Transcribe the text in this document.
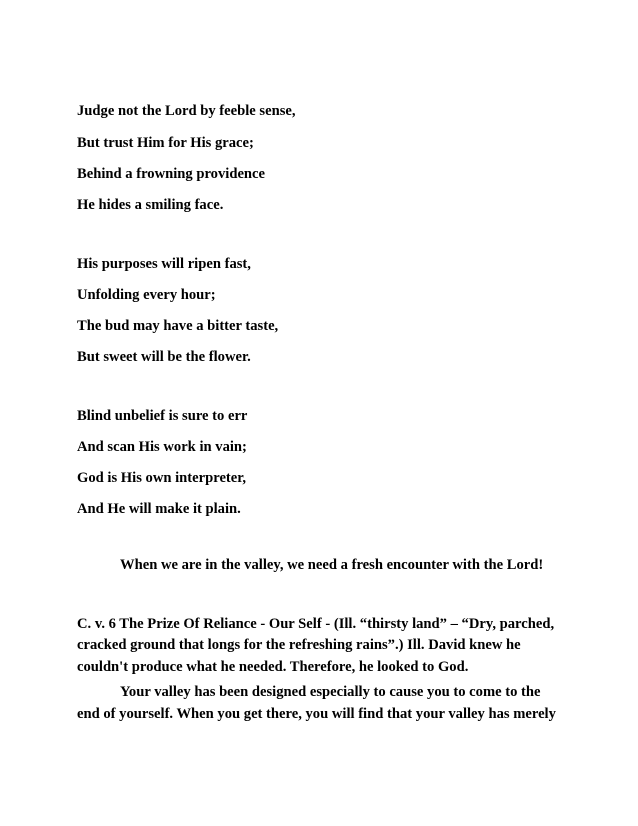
Judge not the Lord by feeble sense,
But trust Him for His grace;
Behind a frowning providence
He hides a smiling face.
His purposes will ripen fast,
Unfolding every hour;
The bud may have a bitter taste,
But sweet will be the flower.
Blind unbelief is sure to err
And scan His work in vain;
God is His own interpreter,
And He will make it plain.
When we are in the valley, we need a fresh encounter with the Lord!
C. v. 6 The Prize Of Reliance - Our Self - (Ill. “thirsty land” – “Dry, parched,
cracked ground that longs for the refreshing rains”.) Ill. David knew he
couldn't produce what he needed. Therefore, he looked to God.
Your valley has been designed especially to cause you to come to the
end of yourself. When you get there, you will find that your valley has merely
